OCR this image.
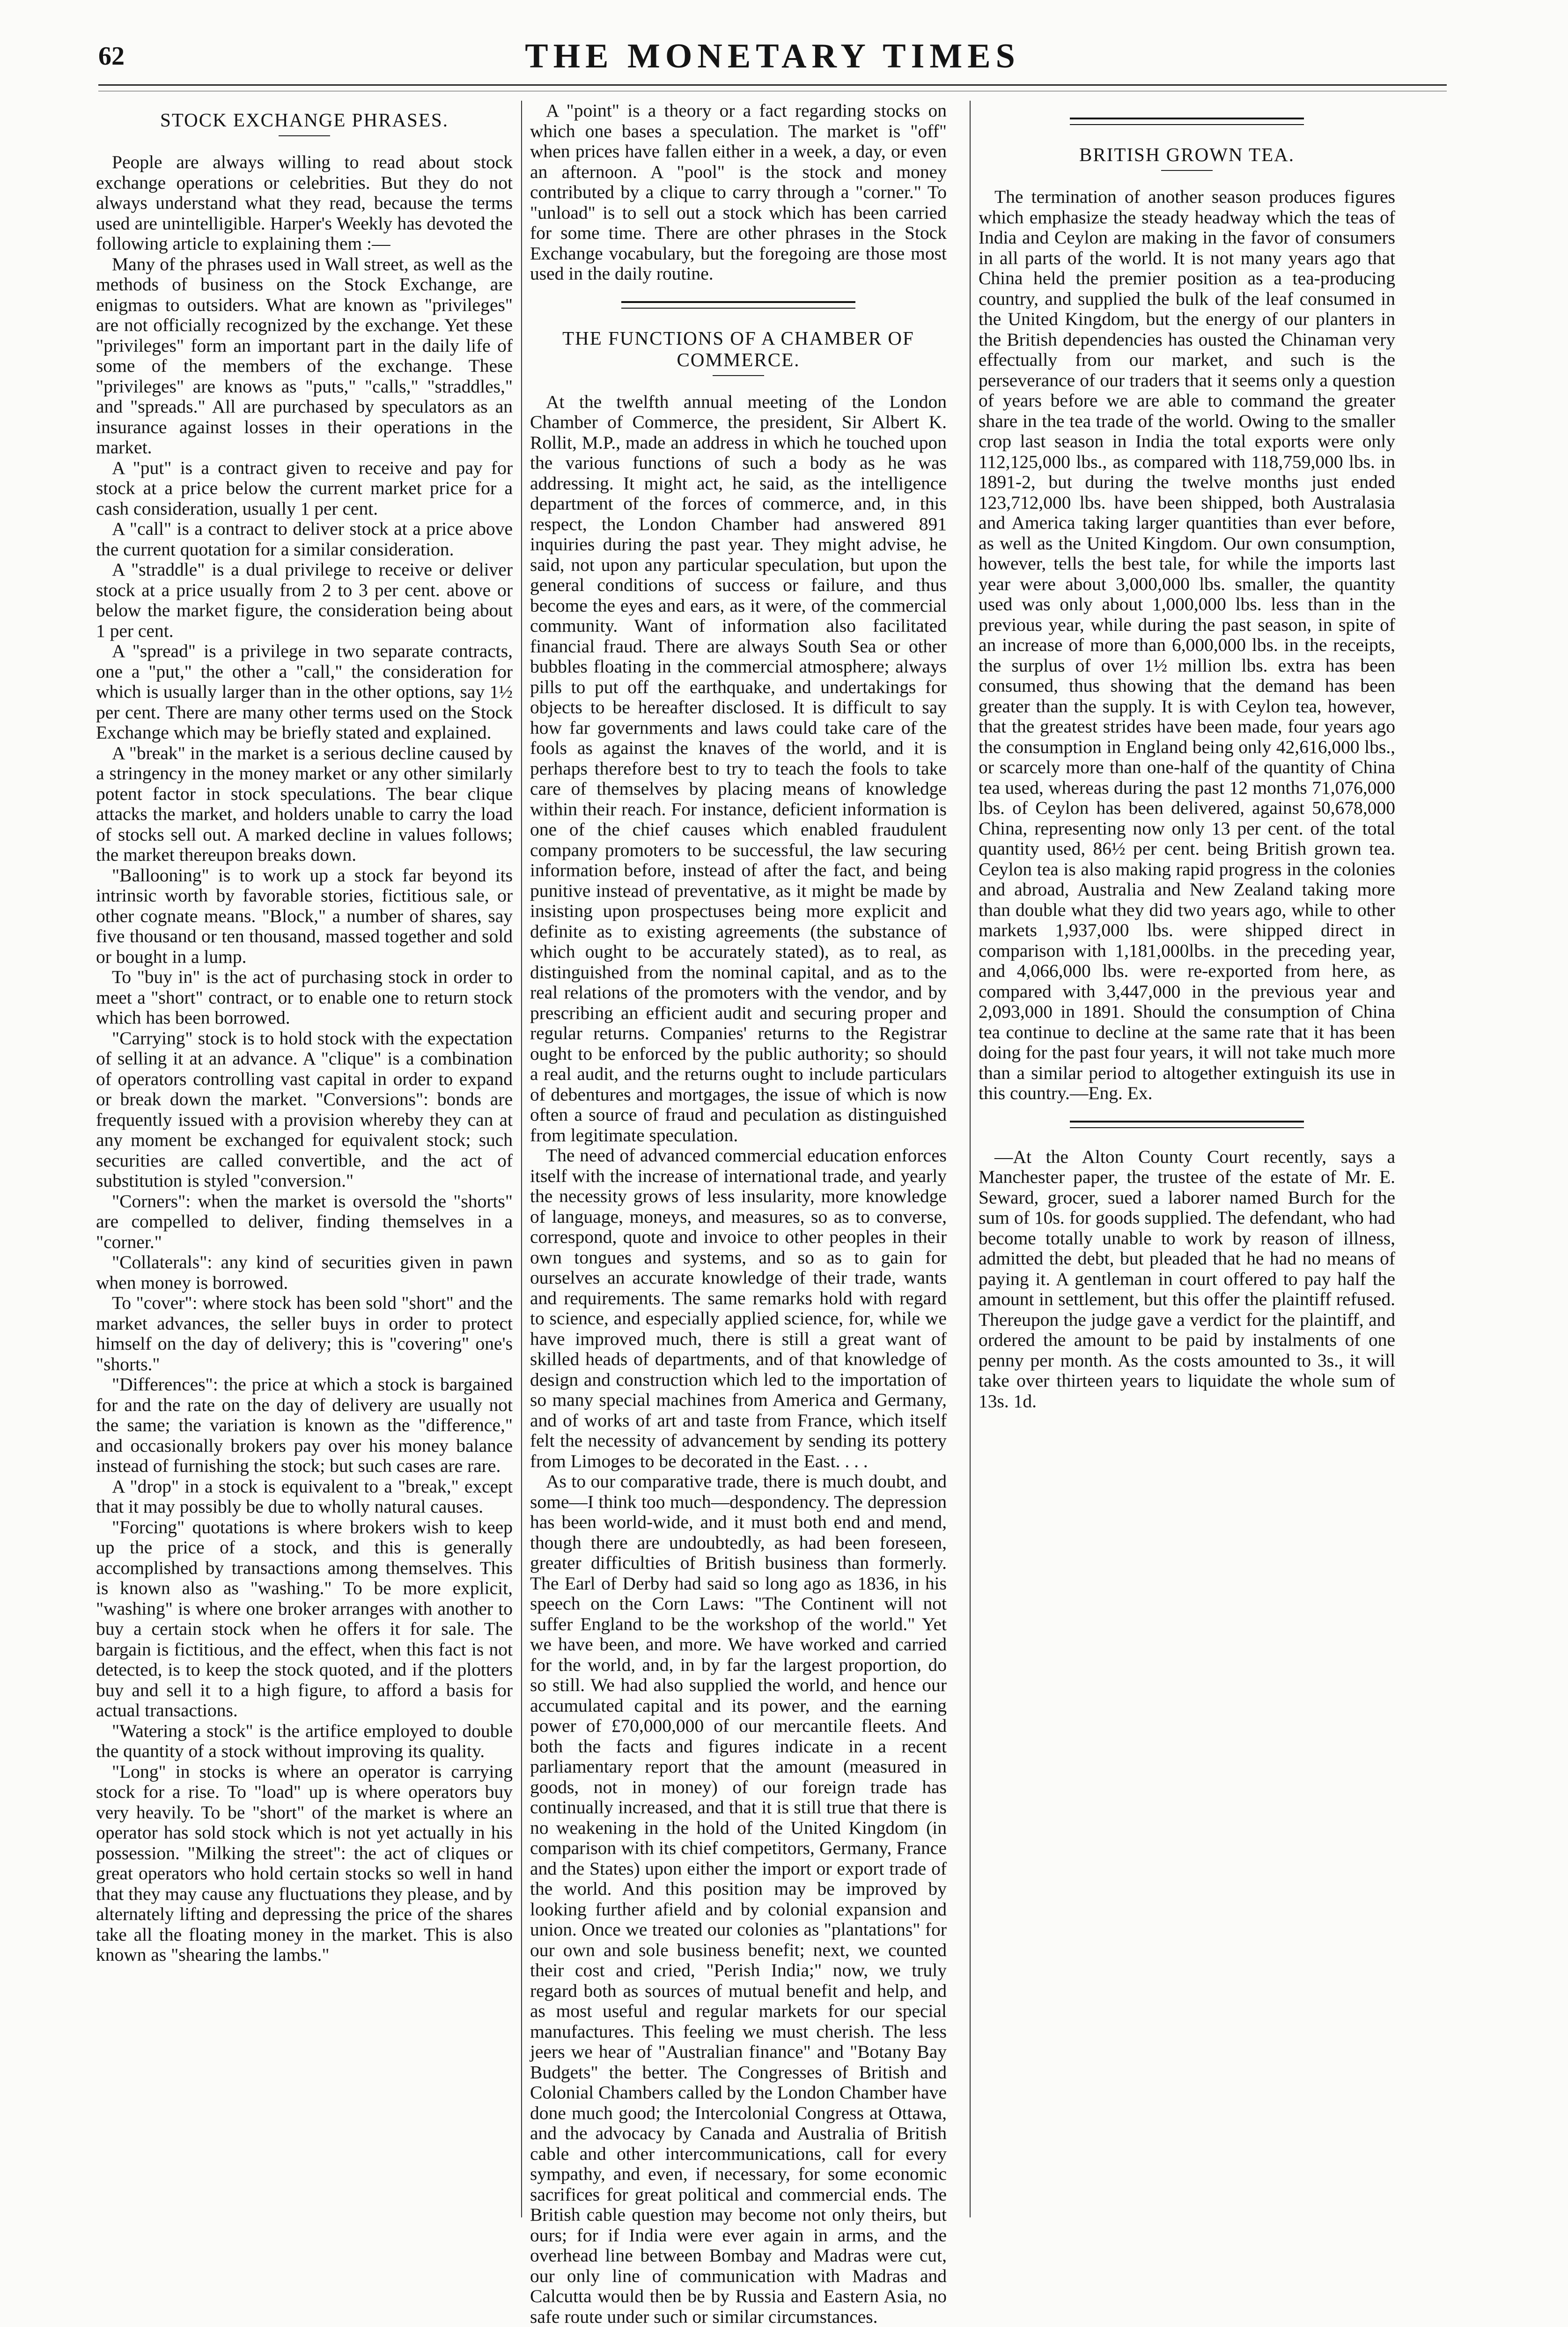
62	THE MONETARY TIMES
STOCK EXCHANGE PHRASES.

People are always willing to read about stock exchange operations or celebrities. But they do not always understand what they read, because the terms used are unintelligible. Harper's Weekly has devoted the following article to explaining them :—

Many of the phrases used in Wall street, as well as the methods of business on the Stock Exchange, are enigmas to outsiders. What are known as "privileges" are not officially recognized by the exchange. Yet these "privileges" form an important part in the daily life of some of the members of the exchange. These "privileges" are knows as "puts," "calls," "straddles," and "spreads." All are purchased by speculators as an insurance against losses in their operations in the market.

A "put" is a contract given to receive and pay for stock at a price below the current market price for a cash consideration, usually 1 per cent.

A "call" is a contract to deliver stock at a price above the current quotation for a similar consideration.

A "straddle" is a dual privilege to receive or deliver stock at a price usually from 2 to 3 per cent. above or below the market figure, the consideration being about 1 per cent.

A "spread" is a privilege in two separate contracts, one a "put," the other a "call," the consideration for which is usually larger than in the other options, say 1½ per cent. There are many other terms used on the Stock Exchange which may be briefly stated and explained.

A "break" in the market is a serious decline caused by a stringency in the money market or any other similarly potent factor in stock speculations. The bear clique attacks the market, and holders unable to carry the load of stocks sell out. A marked decline in values follows; the market thereupon breaks down.

"Ballooning" is to work up a stock far beyond its intrinsic worth by favorable stories, fictitious sale, or other cognate means. "Block," a number of shares, say five thousand or ten thousand, massed together and sold or bought in a lump.

To "buy in" is the act of purchasing stock in order to meet a "short" contract, or to enable one to return stock which has been borrowed.

"Carrying" stock is to hold stock with the expectation of selling it at an advance. A "clique" is a combination of operators controlling vast capital in order to expand or break down the market. "Conversions": bonds are frequently issued with a provision whereby they can at any moment be exchanged for equivalent stock; such securities are called convertible, and the act of substitution is styled "conversion."

"Corners": when the market is oversold the "shorts" are compelled to deliver, finding themselves in a "corner."

"Collaterals": any kind of securities given in pawn when money is borrowed.

To "cover": where stock has been sold "short" and the market advances, the seller buys in order to protect himself on the day of delivery; this is "covering" one's "shorts."

"Differences": the price at which a stock is bargained for and the rate on the day of delivery are usually not the same; the variation is known as the "difference," and occasionally brokers pay over his money balance instead of furnishing the stock; but such cases are rare.

A "drop" in a stock is equivalent to a "break," except that it may possibly be due to wholly natural causes.

"Forcing" quotations is where brokers wish to keep up the price of a stock, and this is generally accomplished by transactions among themselves. This is known also as "washing." To be more explicit, "washing" is where one broker arranges with another to buy a certain stock when he offers it for sale. The bargain is fictitious, and the effect, when this fact is not detected, is to keep the stock quoted, and if the plotters buy and sell it to a high figure, to afford a basis for actual transactions.

"Watering a stock" is the artifice employed to double the quantity of a stock without improving its quality.

"Long" in stocks is where an operator is carrying stock for a rise. To "load" up is where operators buy very heavily. To be "short" of the market is where an operator has sold stock which is not yet actually in his possession. "Milking the street": the act of cliques or great operators who hold certain stocks so well in hand that they may cause any fluctuations they please, and by alternately lifting and depressing the price of the shares take all the floating money in the market. This is also known as "shearing the lambs."

A "point" is a theory or a fact regarding stocks on which one bases a speculation. The market is "off" when prices have fallen either in a week, a day, or even an afternoon. A "pool" is the stock and money contributed by a clique to carry through a "corner." To "unload" is to sell out a stock which has been carried for some time. There are other phrases in the Stock Exchange vocabulary, but the foregoing are those most used in the daily routine.

THE FUNCTIONS OF A CHAMBER OF COMMERCE.

At the twelfth annual meeting of the London Chamber of Commerce, the president, Sir Albert K. Rollit, M.P., made an address in which he touched upon the various functions of such a body as he was addressing. It might act, he said, as the intelligence department of the forces of commerce, and, in this respect, the London Chamber had answered 891 inquiries during the past year. They might advise, he said, not upon any particular speculation, but upon the general conditions of success or failure, and thus become the eyes and ears, as it were, of the commercial community. Want of information also facilitated financial fraud. There are always South Sea or other bubbles floating in the commercial atmosphere; always pills to put off the earthquake, and undertakings for objects to be hereafter disclosed. It is difficult to say how far governments and laws could take care of the fools as against the knaves of the world, and it is perhaps therefore best to try to teach the fools to take care of themselves by placing means of knowledge within their reach. For instance, deficient information is one of the chief causes which enabled fraudulent company promoters to be successful, the law securing information before, instead of after the fact, and being punitive instead of preventative, as it might be made by insisting upon prospectuses being more explicit and definite as to existing agreements (the substance of which ought to be accurately stated), as to real, as distinguished from the nominal capital, and as to the real relations of the promoters with the vendor, and by prescribing an efficient audit and securing proper and regular returns. Companies' returns to the Registrar ought to be enforced by the public authority; so should a real audit, and the returns ought to include particulars of debentures and mortgages, the issue of which is now often a source of fraud and peculation as distinguished from legitimate speculation.

The need of advanced commercial education enforces itself with the increase of international trade, and yearly the necessity grows of less insularity, more knowledge of language, moneys, and measures, so as to converse, correspond, quote and invoice to other peoples in their own tongues and systems, and so as to gain for ourselves an accurate knowledge of their trade, wants and requirements. The same remarks hold with regard to science, and especially applied science, for, while we have improved much, there is still a great want of skilled heads of departments, and of that knowledge of design and construction which led to the importation of so many special machines from America and Germany, and of works of art and taste from France, which itself felt the necessity of advancement by sending its pottery from Limoges to be decorated in the East. . . .

As to our comparative trade, there is much doubt, and some—I think too much—despondency. The depression has been world-wide, and it must both end and mend, though there are undoubtedly, as had been foreseen, greater difficulties of British business than formerly. The Earl of Derby had said so long ago as 1836, in his speech on the Corn Laws: "The Continent will not suffer England to be the workshop of the world." Yet we have been, and more. We have worked and carried for the world, and, in by far the largest proportion, do so still. We had also supplied the world, and hence our accumulated capital and its power, and the earning power of £70,000,000 of our mercantile fleets. And both the facts and figures indicate in a recent parliamentary report that the amount (measured in goods, not in money) of our foreign trade has continually increased, and that it is still true that there is no weakening in the hold of the United Kingdom (in comparison with its chief competitors, Germany, France and the States) upon either the import or export trade of the world. And this position may be improved by looking further afield and by colonial expansion and union. Once we treated our colonies as "plantations" for our own and sole business benefit; next, we counted their cost and cried, "Perish India;" now, we truly regard both as sources of mutual benefit and help, and as most useful and regular markets for our special manufactures. This feeling we must cherish. The less jeers we hear of "Australian finance" and "Botany Bay Budgets" the better. The Congresses of British and Colonial Chambers called by the London Chamber have done much good; the Intercolonial Congress at Ottawa, and the advocacy by Canada and Australia of British cable and other intercommunications, call for every sympathy, and even, if necessary, for some economic sacrifices for great political and commercial ends. The British cable question may become not only theirs, but ours; for if India were ever again in arms, and the overhead line between Bombay and Madras were cut, our only line of communication with Madras and Calcutta would then be by Russia and Eastern Asia, no safe route under such or similar circumstances.

BRITISH GROWN TEA.

The termination of another season produces figures which emphasize the steady headway which the teas of India and Ceylon are making in the favor of consumers in all parts of the world. It is not many years ago that China held the premier position as a tea-producing country, and supplied the bulk of the leaf consumed in the United Kingdom, but the energy of our planters in the British dependencies has ousted the Chinaman very effectually from our market, and such is the perseverance of our traders that it seems only a question of years before we are able to command the greater share in the tea trade of the world. Owing to the smaller crop last season in India the total exports were only 112,125,000 lbs., as compared with 118,759,000 lbs. in 1891-2, but during the twelve months just ended 123,712,000 lbs. have been shipped, both Australasia and America taking larger quantities than ever before, as well as the United Kingdom. Our own consumption, however, tells the best tale, for while the imports last year were about 3,000,000 lbs. smaller, the quantity used was only about 1,000,000 lbs. less than in the previous year, while during the past season, in spite of an increase of more than 6,000,000 lbs. in the receipts, the surplus of over 1½ million lbs. extra has been consumed, thus showing that the demand has been greater than the supply. It is with Ceylon tea, however, that the greatest strides have been made, four years ago the consumption in England being only 42,616,000 lbs., or scarcely more than one-half of the quantity of China tea used, whereas during the past 12 months 71,076,000 lbs. of Ceylon has been delivered, against 50,678,000 China, representing now only 13 per cent. of the total quantity used, 86½ per cent. being British grown tea. Ceylon tea is also making rapid progress in the colonies and abroad, Australia and New Zealand taking more than double what they did two years ago, while to other markets 1,937,000 lbs. were shipped direct in comparison with 1,181,000lbs. in the preceding year, and 4,066,000 lbs. were re-exported from here, as compared with 3,447,000 in the previous year and 2,093,000 in 1891. Should the consumption of China tea continue to decline at the same rate that it has been doing for the past four years, it will not take much more than a similar period to altogether extinguish its use in this country.—Eng. Ex.

—At the Alton County Court recently, says a Manchester paper, the trustee of the estate of Mr. E. Seward, grocer, sued a laborer named Burch for the sum of 10s. for goods supplied. The defendant, who had become totally unable to work by reason of illness, admitted the debt, but pleaded that he had no means of paying it. A gentleman in court offered to pay half the amount in settlement, but this offer the plaintiff refused. Thereupon the judge gave a verdict for the plaintiff, and ordered the amount to be paid by instalments of one penny per month. As the costs amounted to 3s., it will take over thirteen years to liquidate the whole sum of 13s. 1d.
